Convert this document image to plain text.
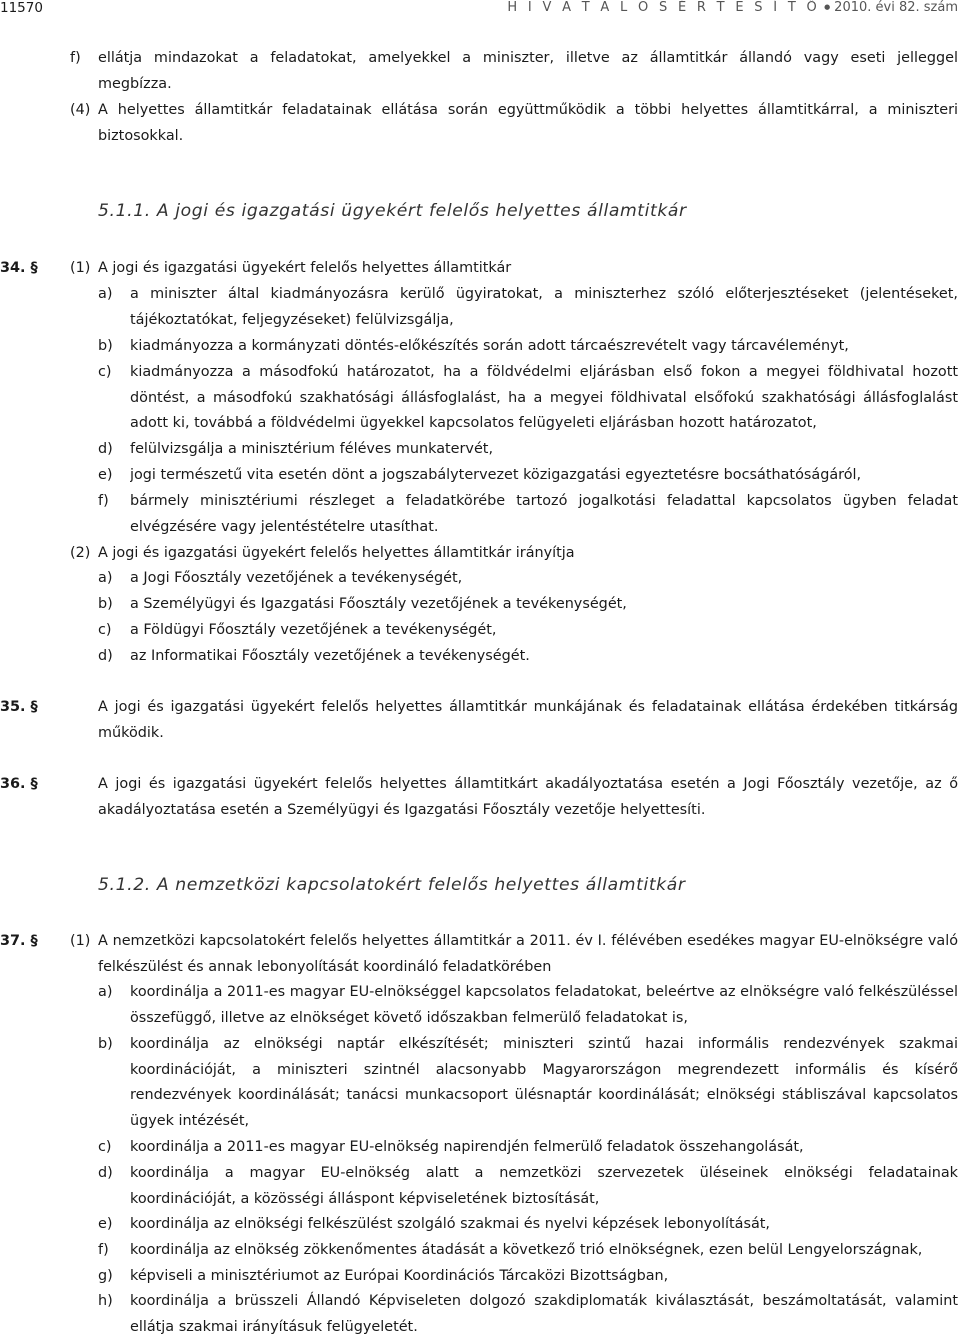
11570	H I V A T A L O S É R T E S Í T Ő ● 2010. évi 82. szám
f) ellátja mindazokat a feladatokat, amelyekkel a miniszter, illetve az államtitkár állandó vagy eseti jelleggel
megbízza.
(4) A helyettes államtitkár feladatainak ellátása során együttműködik a többi helyettes államtitkárral, a miniszteri
biztosokkal.
5.1.1. A jogi és igazgatási ügyekért felelős helyettes államtitkár
34. § (1) A jogi és igazgatási ügyekért felelős helyettes államtitkár
a) a miniszter által kiadmányozásra kerülő ügyiratokat, a miniszterhez szóló előterjesztéseket (jelentéseket,
tájékoztatókat, feljegyzéseket) felülvizsgálja,
b) kiadmányozza a kormányzati döntés-előkészítés során adott tárcaészrevételt vagy tárcavéleményt,
c) kiadmányozza a másodfokú határozatot, ha a földvédelmi eljárásban első fokon a megyei földhivatal hozott
döntést, a másodfokú szakhatósági állásfoglalást, ha a megyei földhivatal elsőfokú szakhatósági állásfoglalást
adott ki, továbbá a földvédelmi ügyekkel kapcsolatos felügyeleti eljárásban hozott határozatot,
d) felülvizsgálja a minisztérium féléves munkatervét,
e) jogi természetű vita esetén dönt a jogszabálytervezet közigazgatási egyeztetésre bocsáthatóságáról,
f) bármely minisztériumi részleget a feladatkörébe tartozó jogalkotási feladattal kapcsolatos ügyben feladat
elvégzésére vagy jelentéstételre utasíthat.
(2) A jogi és igazgatási ügyekért felelős helyettes államtitkár irányítja
a) a Jogi Főosztály vezetőjének a tevékenységét,
b) a Személyügyi és Igazgatási Főosztály vezetőjének a tevékenységét,
c) a Földügyi Főosztály vezetőjének a tevékenységét,
d) az Informatikai Főosztály vezetőjének a tevékenységét.
35. §	A jogi és igazgatási ügyekért felelős helyettes államtitkár munkájának és feladatainak ellátása érdekében titkárság
működik.
36. §	A jogi és igazgatási ügyekért felelős helyettes államtitkárt akadályoztatása esetén a Jogi Főosztály vezetője, az ő
akadályoztatása esetén a Személyügyi és Igazgatási Főosztály vezetője helyettesíti.
5.1.2. A nemzetközi kapcsolatokért felelős helyettes államtitkár
37. § (1) A nemzetközi kapcsolatokért felelős helyettes államtitkár a 2011. év I. félévében esedékes magyar EU-elnökségre való
felkészülést és annak lebonyolítását koordináló feladatkörében
a) koordinálja a 2011-es magyar EU-elnökséggel kapcsolatos feladatokat, beleértve az elnökségre való felkészüléssel
összefüggő, illetve az elnökséget követő időszakban felmerülő feladatokat is,
b) koordinálja az elnökségi naptár elkészítését; miniszteri szintű hazai informális rendezvények szakmai
koordinációját, a miniszteri szintnél alacsonyabb Magyarországon megrendezett informális és kísérő
rendezvények koordinálását; tanácsi munkacsoport ülésnaptár koordinálását; elnökségi stábliszával kapcsolatos
ügyek intézését,
c) koordinálja a 2011-es magyar EU-elnökség napirendjén felmerülő feladatok összehangolását,
d) koordinálja a magyar EU-elnökség alatt a nemzetközi szervezetek üléseinek elnökségi feladatainak
koordinációját, a közösségi álláspont képviseletének biztosítását,
e) koordinálja az elnökségi felkészülést szolgáló szakmai és nyelvi képzések lebonyolítását,
f) koordinálja az elnökség zökkenőmentes átadását a következő trió elnökségnek, ezen belül Lengyelországnak,
g) képviseli a minisztériumot az Európai Koordinációs Tárcaközi Bizottságban,
h) koordinálja a brüsszeli Állandó Képviseleten dolgozó szakdiplomaták kiválasztását, beszámoltatását, valamint
ellátja szakmai irányításuk felügyeletét.
